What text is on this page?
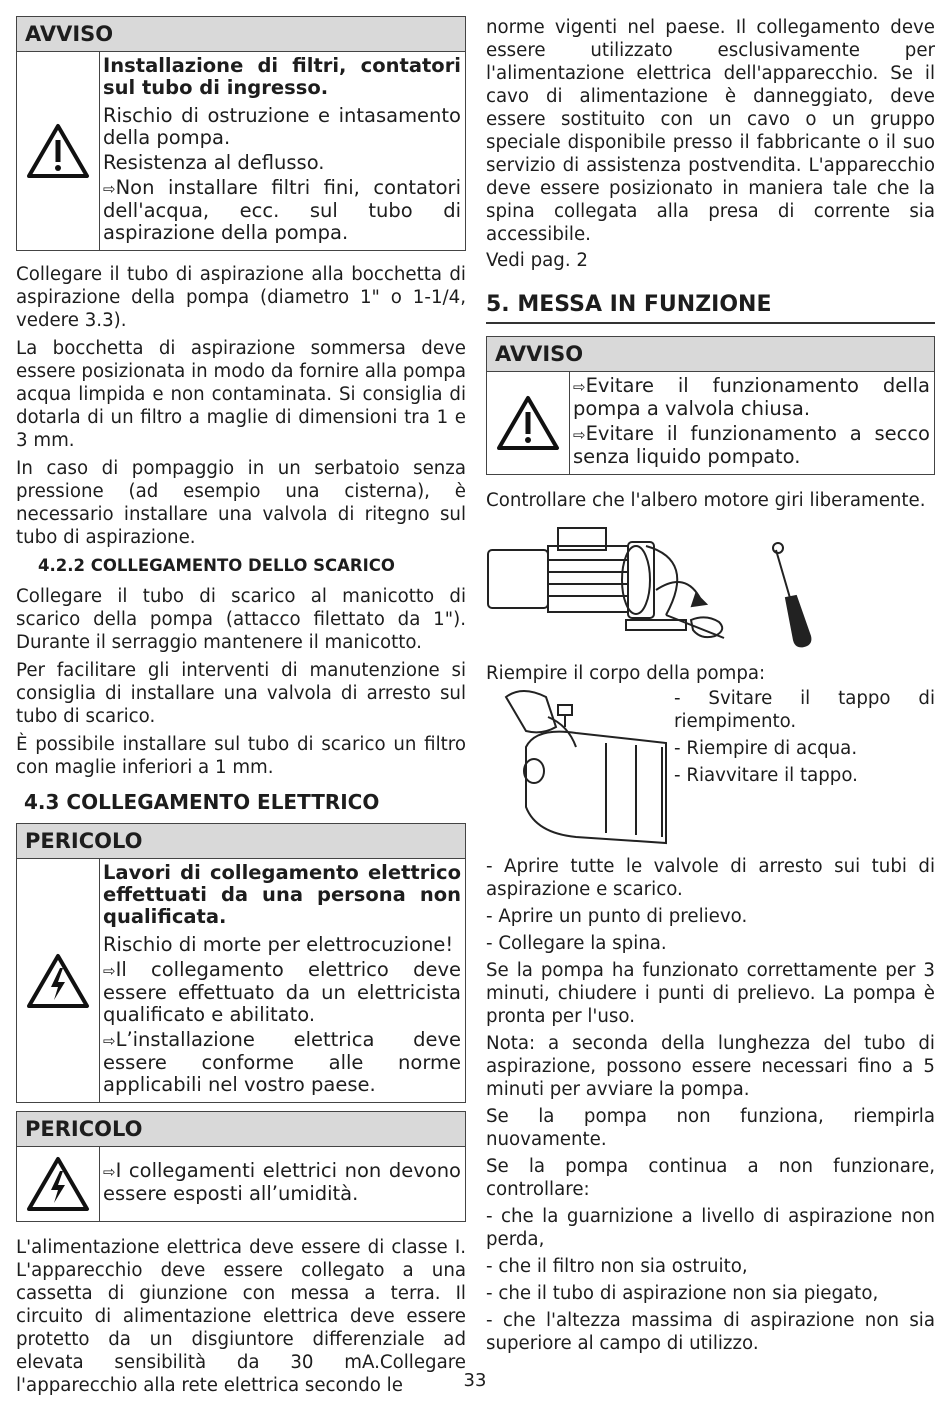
AVVISO

Installazione di filtri, contatori sul tubo di ingresso.

Rischio di ostruzione e intasamento della pompa.

Resistenza al deflusso.

⇨Non installare filtri fini, contatori dell'acqua, ecc. sul tubo di aspirazione della pompa.

Collegare il tubo di aspirazione alla bocchetta di aspirazione della pompa (diametro 1" o 1-1/4, vedere 3.3).

La bocchetta di aspirazione sommersa deve essere posizionata in modo da fornire alla pompa acqua limpida e non contaminata. Si consiglia di dotarla di un filtro a maglie di dimensioni tra 1 e 3 mm.

In caso di pompaggio in un serbatoio senza pressione (ad esempio una cisterna), è necessario installare una valvola di ritegno sul tubo di aspirazione.

4.2.2 COLLEGAMENTO DELLO SCARICO

Collegare il tubo di scarico al manicotto di scarico della pompa (attacco filettato da 1"). Durante il serraggio mantenere il manicotto.

Per facilitare gli interventi di manutenzione si consiglia di installare una valvola di arresto sul tubo di scarico.

È possibile installare sul tubo di scarico un filtro con maglie inferiori a 1 mm.

4.3 COLLEGAMENTO ELETTRICO
PERICOLO

Lavori di collegamento elettrico effettuati da una persona non qualificata.

Rischio di morte per elettrocuzione!

⇨Il collegamento elettrico deve essere effettuato da un elettricista qualificato e abilitato.

⇨L’installazione elettrica deve essere conforme alle norme applicabili nel vostro paese.

PERICOLO

⇨I collegamenti elettrici non devono essere esposti all’umidità.

L'alimentazione elettrica deve essere di classe I. L'apparecchio deve essere collegato a una cassetta di giunzione con messa a terra. Il circuito di alimentazione elettrica deve essere protetto da un disgiuntore differenziale ad elevata sensibilità da 30 mA.Collegare l'apparecchio alla rete elettrica secondo le

norme vigenti nel paese. Il collegamento deve essere utilizzato esclusivamente per l'alimentazione elettrica dell'apparecchio. Se il cavo di alimentazione è danneggiato, deve essere sostituito con un cavo o un gruppo speciale disponibile presso il fabbricante o il suo servizio di assistenza postvendita. L'apparecchio deve essere posizionato in maniera tale che la spina collegata alla presa di corrente sia accessibile.

Vedi pag. 2

5. MESSA IN FUNZIONE
AVVISO

⇨Evitare il funzionamento della pompa a valvola chiusa.

⇨Evitare il funzionamento a secco senza liquido pompato.

Controllare che l'albero motore giri liberamente.

Riempire il corpo della pompa:

- Svitare il tappo di riempimento.

- Riempire di acqua.

- Riavvitare il tappo.

- Aprire tutte le valvole di arresto sui tubi di aspirazione e scarico.

- Aprire un punto di prelievo.

- Collegare la spina.

Se la pompa ha funzionato correttamente per 3 minuti, chiudere i punti di prelievo. La pompa è pronta per l'uso.

Nota: a seconda della lunghezza del tubo di aspirazione, possono essere necessari fino a 5 minuti per avviare la pompa.

Se la pompa non funziona, riempirla nuovamente.

Se la pompa continua a non funzionare, controllare:

- che la guarnizione a livello di aspirazione non perda,

- che il filtro non sia ostruito,

- che il tubo di aspirazione non sia piegato,

- che l'altezza massima di aspirazione non sia superiore al campo di utilizzo.

33
